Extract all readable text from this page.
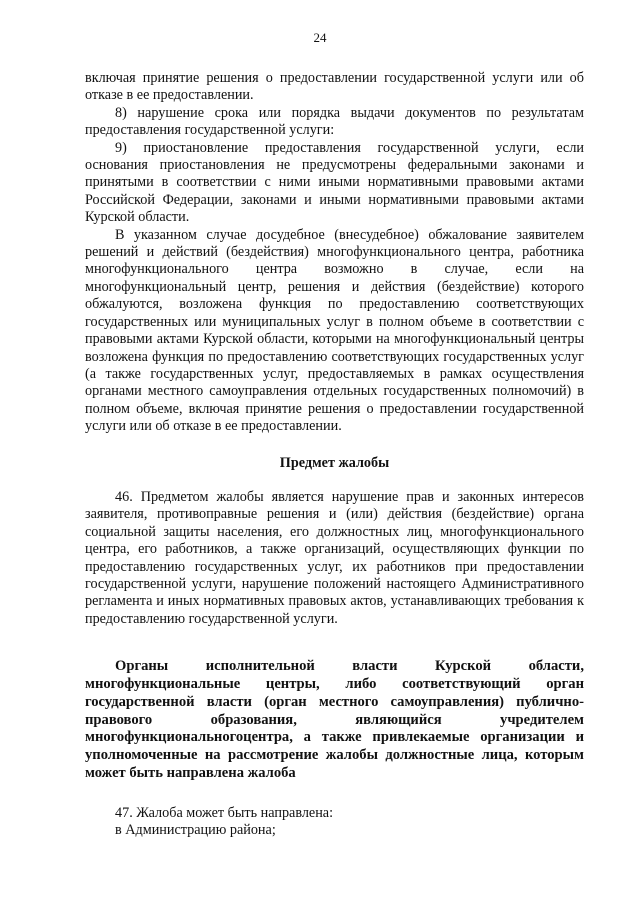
24

включая принятие решения о предоставлении государственной услуги или об отказе в ее предоставлении.

8) нарушение срока или порядка выдачи документов по результатам предоставления государственной услуги:

9) приостановление предоставления государственной услуги, если основания приостановления не предусмотрены федеральными законами и принятыми в соответствии с ними иными нормативными правовыми актами Российской Федерации, законами и иными нормативными правовыми актами Курской области.

В указанном случае досудебное (внесудебное) обжалование заявителем решений и действий (бездействия) многофункционального центра, работника многофункционального центра возможно в случае, если на многофункциональный центр, решения и действия (бездействие) которого обжалуются, возложена функция по предоставлению соответствующих государственных или муниципальных услуг в полном объеме в соответствии с правовыми актами Курской области, которыми на многофункциональный центры возложена функция по предоставлению соответствующих государственных услуг (а также государственных услуг, предоставляемых в рамках осуществления органами местного самоуправления отдельных государственных полномочий) в полном объеме, включая принятие решения о предоставлении государственной услуги или об отказе в ее предоставлении.

Предмет жалобы

46. Предметом жалобы является нарушение прав и законных интересов заявителя, противоправные решения и (или) действия (бездействие) органа социальной защиты населения, его должностных лиц, многофункционального центра, его работников, а также организаций, осуществляющих функции по предоставлению государственных услуг, их работников при предоставлении государственной услуги, нарушение положений настоящего Административного регламента и иных нормативных правовых актов, устанавливающих требования к предоставлению государственной услуги.

Органы исполнительной власти Курской области, многофункциональные центры, либо соответствующий орган государственной власти (орган местного самоуправления) публично-правового образования, являющийся учредителем многофункциональногоцентра, а также привлекаемые организации и уполномоченные на рассмотрение жалобы должностные лица, которым может быть направлена жалоба

47. Жалоба может быть направлена:

в Администрацию района;
